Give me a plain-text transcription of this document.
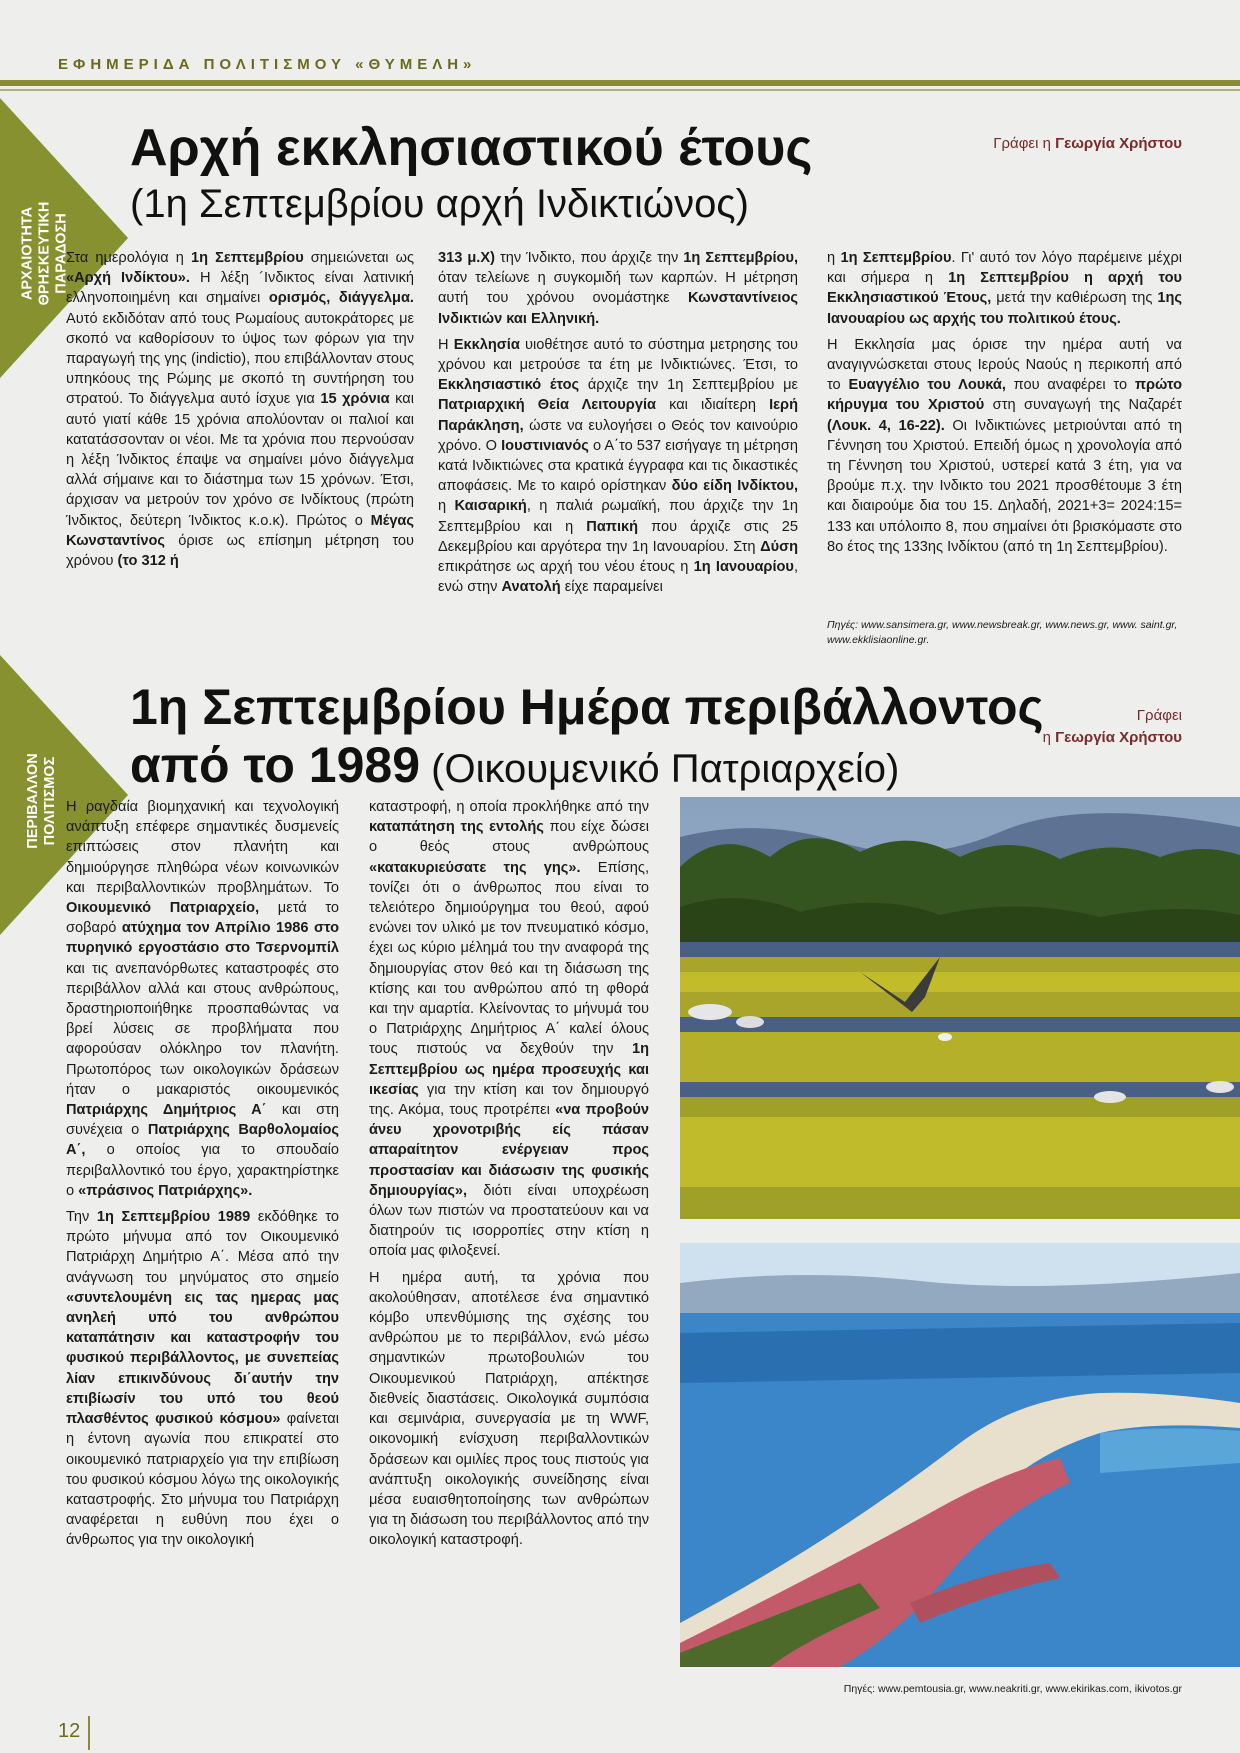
ΕΦΗΜΕΡΙΔΑ ΠΟΛΙΤΙΣΜΟΥ «ΘΥΜΕΛΗ»
ΑΡΧΑΙΟΤΗΤΑ ΘΡΗΣΚΕΥΤΙΚΗ ΠΑΡΑΔΟΣΗ
Αρχή εκκλησιαστικού έτους
(1η Σεπτεμβρίου αρχή Ινδικτιώνος)
Γράφει η Γεωργία Χρήστου

Στα ημερολόγια η 1η Σεπτεμβρίου σημειώνεται ως «Αρχή Ινδίκτου». Η λέξη ´Ινδικτος είναι λατινική ελληνοποιημένη και σημαίνει ορισμός, διάγγελμα. Αυτό εκδιδόταν από τους Ρωμαίους αυτοκράτορες με σκοπό να καθορίσουν το ύψος των φόρων για την παραγωγή της γης (indictio), που επιβάλλονταν στους υπηκόους της Ρώμης με σκοπό τη συντήρηση του στρατού. Το διάγγελμα αυτό ίσχυε για 15 χρόνια και αυτό γιατί κάθε 15 χρόνια απολύονταν οι παλιοί και κατατάσσονταν οι νέοι. Με τα χρόνια που περνούσαν η λέξη Ίνδικτος έπαψε να σημαίνει μόνο διάγγελμα αλλά σήμαινε και το διάστημα των 15 χρόνων. Έτσι, άρχισαν να μετρούν τον χρόνο σε Ινδίκτους (πρώτη Ίνδικτος, δεύτερη Ίνδικτος κ.ο.κ). Πρώτος ο Μέγας Κωνσταντίνος όρισε ως επίσημη μέτρηση του χρόνου (το 312 ή

313 μ.Χ) την Ίνδικτο, που άρχιζε την 1η Σεπτεμβρίου, όταν τελείωνε η συγκομιδή των καρπών. Η μέτρηση αυτή του χρόνου ονομάστηκε Κωνσταντίνειος Ινδικτιών και Ελληνική.

Η Εκκλησία υιοθέτησε αυτό το σύστημα μετρησης του χρόνου και μετρούσε τα έτη με Ινδικτιώνες. Έτσι, το Εκκλησιαστικό έτος άρχιζε την 1η Σεπτεμβρίου με Πατριαρχική Θεία Λειτουργία και ιδιαίτερη Ιερή Παράκληση, ώστε να ευλογήσει ο Θεός τον καινούριο χρόνο. Ο Ιουστινιανός ο Α΄το 537 εισήγαγε τη μέτρηση κατά Ινδικτιώνες στα κρατικά έγγραφα και τις δικαστικές αποφάσεις. Με το καιρό ορίστηκαν δύο είδη Ινδίκτου, η Καισαρική, η παλιά ρωμαϊκή, που άρχιζε την 1η Σεπτεμβρίου και η Παπική που άρχιζε στις 25 Δεκεμβρίου και αργότερα την 1η Ιανουαρίου. Στη Δύση επικράτησε ως αρχή του νέου έτους η 1η Ιανουαρίου, ενώ στην Ανατολή είχε παραμείνει

η 1η Σεπτεμβρίου. Γι' αυτό τον λόγο παρέμεινε μέχρι και σήμερα η 1η Σεπτεμβρίου η αρχή του Εκκλησιαστικού Έτους, μετά την καθιέρωση της 1ης Ιανουαρίου ως αρχής του πολιτικού έτους.

Η Εκκλησία μας όρισε την ημέρα αυτή να αναγιγνώσκεται στους Ιερούς Ναούς η περικοπή από το Ευαγγέλιο του Λουκά, που αναφέρει το πρώτο κήρυγμα του Χριστού στη συναγωγή της Ναζαρέτ (Λουκ. 4, 16-22). Οι Ινδικτιώνες μετριούνται από τη Γέννηση του Χριστού. Επειδή όμως η χρονολογία από τη Γέννηση του Χριστού, υστερεί κατά 3 έτη, για να βρούμε π.χ. την Ινδικτο του 2021 προσθέτουμε 3 έτη και διαιρούμε δια του 15. Δηλαδή, 2021+3= 2024:15= 133 και υπόλοιπο 8, που σημαίνει ότι βρισκόμαστε στο 8ο έτος της 133ης Ινδίκτου (από τη 1η Σεπτεμβρίου).

Πηγές: www.sansimera.gr, www.newsbreak.gr, www.news.gr, www. saint.gr, www.ekklisiaonline.gr.
ΠΕΡΙΒΑΛΛΟΝ ΠΟΛΙΤΙΣΜΟΣ
1η Σεπτεμβρίου Ημέρα περιβάλλοντος
από το 1989 (Οικουμενικό Πατριαρχείο)
Γράφει
η Γεωργία Χρήστου

Η ραγδαία βιομηχανική και τεχνολογική ανάπτυξη επέφερε σημαντικές δυσμενείς επιπτώσεις στον πλανήτη και δημιούργησε πληθώρα νέων κοινωνικών και περιβαλλοντικών προβλημάτων. Το Οικουμενικό Πατριαρχείο, μετά το σοβαρό ατύχημα τον Απρίλιο 1986 στο πυρηνικό εργοστάσιο στο Τσερνομπίλ και τις ανεπανόρθωτες καταστροφές στο περιβάλλον αλλά και στους ανθρώπους, δραστηριοποιήθηκε προσπαθώντας να βρεί λύσεις σε προβλήματα που αφορούσαν ολόκληρο τον πλανήτη. Πρωτοπόρος των οικολογικών δράσεων ήταν ο μακαριστός οικουμενικός Πατριάρχης Δημήτριος Α΄ και στη συνέχεια ο Πατριάρχης Βαρθολομαίος Α΄, ο οποίος για το σπουδαίο περιβαλλοντικό του έργο, χαρακτηρίστηκε ο «πράσινος Πατριάρχης».

Την 1η Σεπτεμβρίου 1989 εκδόθηκε το πρώτο μήνυμα από τον Οικουμενικό Πατριάρχη Δημήτριο Α΄. Μέσα από την ανάγνωση του μηνύματος στο σημείο «συντελουμένη εις τας ημερας μας ανηλεή υπό του ανθρώπου καταπάτησιν και καταστροφήν του φυσικού περιβάλλοντος, με συνεπείας λίαν επικινδύνους δι΄αυτήν την επιβίωσίν του υπό του θεού πλασθέντος φυσικού κόσμου» φαίνεται η έντονη αγωνία που επικρατεί στο οικουμενικό πατριαρχείο για την επιβίωση του φυσικού κόσμου λόγω της οικολογικής καταστροφής. Στο μήνυμα του Πατριάρχη αναφέρεται η ευθύνη που έχει ο άνθρωπος για την οικολογική

καταστροφή, η οποία προκλήθηκε από την καταπάτηση της εντολής που είχε δώσει ο θεός στους ανθρώπους «κατακυριεύσατε της γης». Επίσης, τονίζει ότι ο άνθρωπος που είναι το τελειότερο δημιούργημα του θεού, αφού ενώνει τον υλικό με τον πνευματικό κόσμο, έχει ως κύριο μέλημά του την αναφορά της δημιουργίας στον θεό και τη διάσωση της κτίσης και του ανθρώπου από τη φθορά και την αμαρτία. Κλείνοντας το μήνυμά του ο Πατριάρχης Δημήτριος Α΄ καλεί όλους τους πιστούς να δεχθούν την 1η Σεπτεμβρίου ως ημέρα προσευχής και ικεσίας για την κτίση και τον δημιουργό της. Ακόμα, τους προτρέπει «να προβούν άνευ χρονοτριβής είς πάσαν απαραίτητον ενέργειαν προς προστασίαν και διάσωσιν της φυσικής δημιουργίας», διότι είναι υποχρέωση όλων των πιστών να προστατεύουν και να διατηρούν τις ισορροπίες στην κτίση η οποία μας φιλοξενεί.

Η ημέρα αυτή, τα χρόνια που ακολούθησαν, αποτέλεσε ένα σημαντικό κόμβο υπενθύμισης της σχέσης του ανθρώπου με το περιβάλλον, ενώ μέσω σημαντικών πρωτοβουλιών του Οικουμενικού Πατριάρχη, απέκτησε διεθνείς διαστάσεις. Οικολογικά συμπόσια και σεμινάρια, συνεργασία με τη WWF, οικονομική ενίσχυση περιβαλλοντικών δράσεων και ομιλίες προς τους πιστούς για ανάπτυξη οικολογικής συνείδησης είναι μέσα ευαισθητοποίησης των ανθρώπων για τη διάσωση του περιβάλλοντος από την οικολογική καταστροφή.

Πηγές: www.pemtousia.gr, www.neakriti.gr, www.ekirikas.com, ikivotos.gr
12
